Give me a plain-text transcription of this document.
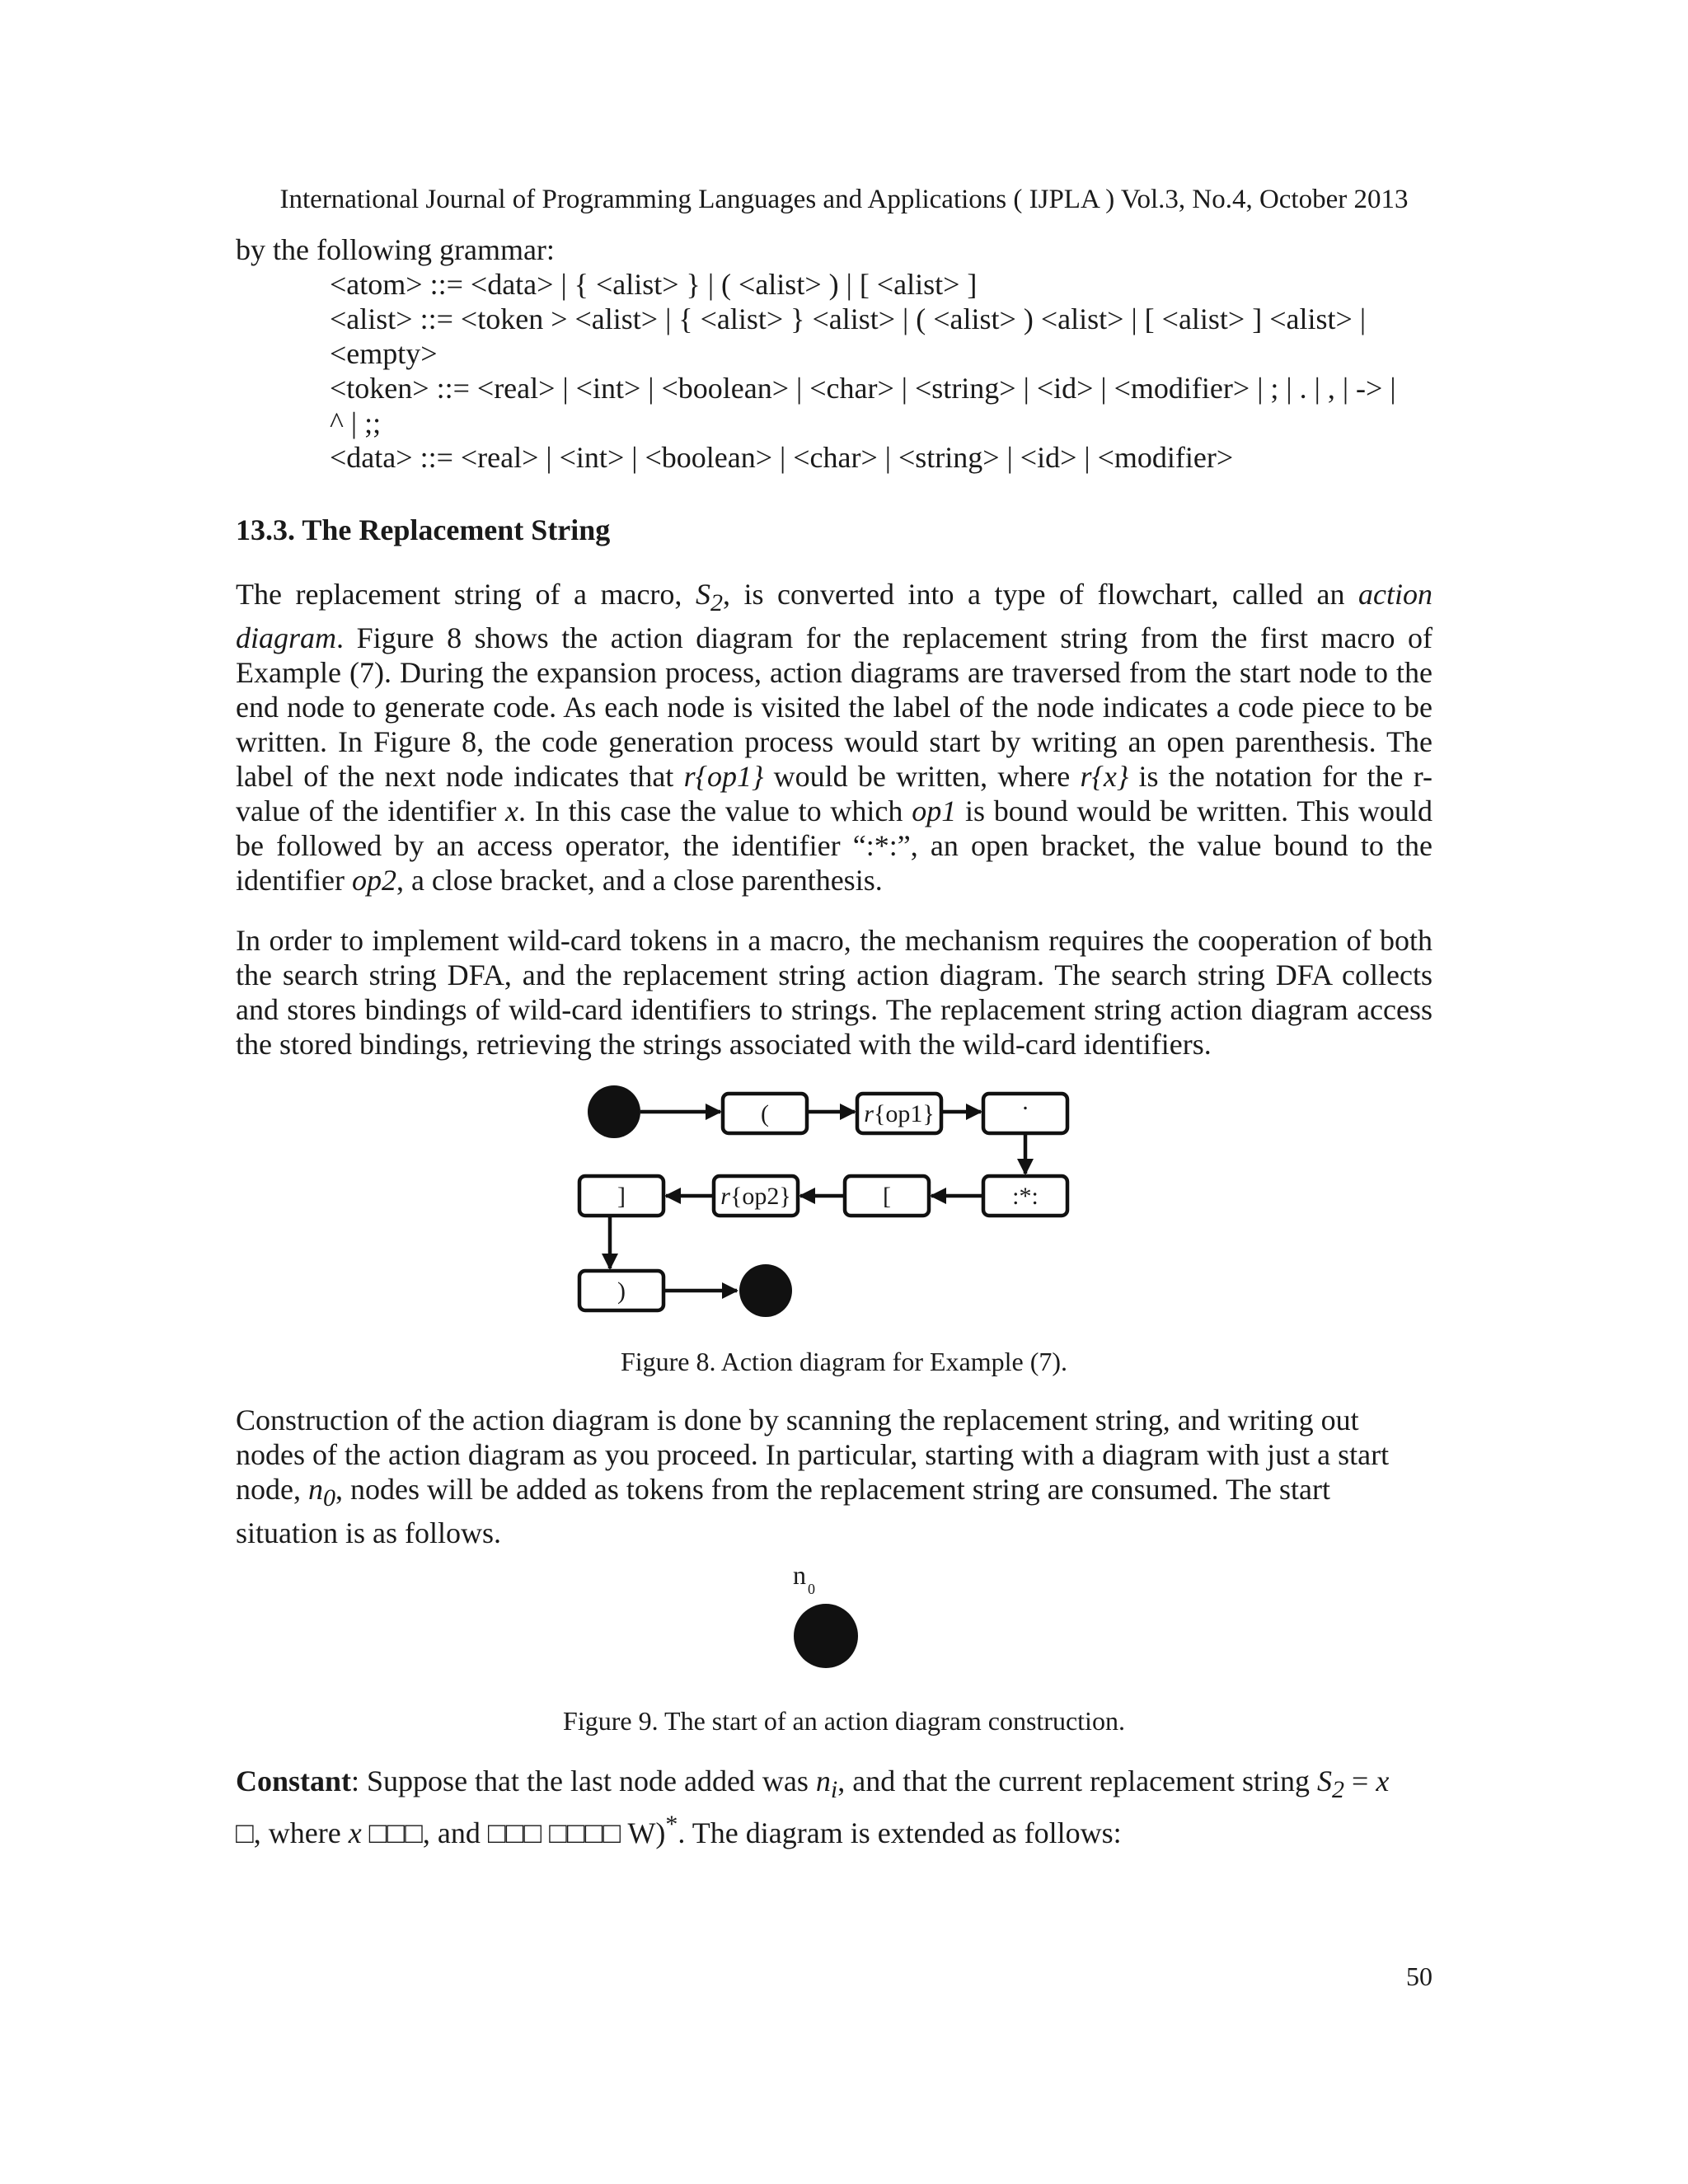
International Journal of Programming Languages and Applications ( IJPLA ) Vol.3, No.4, October 2013
by the following grammar:
<atom> ::= <data> | { <alist> } | ( <alist> ) | [ <alist> ]
<alist> ::= <token > <alist> | { <alist> } <alist> | ( <alist> ) <alist> | [ <alist> ] <alist> |
<empty>
<token> ::= <real> | <int> | <boolean> | <char> | <string> | <id> | <modifier> | ; | . | , | -> |
^ | ;;
<data> ::= <real> | <int> | <boolean> | <char> | <string> | <id> | <modifier>
13.3. The Replacement String

The replacement string of a macro, $S_2$, is converted into a type of flowchart, called an action diagram. Figure 8 shows the action diagram for the replacement string from the first macro of Example (7). During the expansion process, action diagrams are traversed from the start node to the end node to generate code. As each node is visited the label of the node indicates a code piece to be written. In Figure 8, the code generation process would start by writing an open parenthesis. The label of the next node indicates that r{op1} would be written, where r{x} is the notation for the r-value of the identifier x. In this case the value to which op1 is bound would be written. This would be followed by an access operator, the identifier “:*:”, an open bracket, the value bound to the identifier op2, a close bracket, and a close parenthesis.

In order to implement wild-card tokens in a macro, the mechanism requires the cooperation of both the search string DFA, and the replacement string action diagram. The search string DFA collects and stores bindings of wild-card identifiers to strings. The replacement string action diagram access the stored bindings, retrieving the strings associated with the wild-card identifiers.

(	r{op1}	.
:*:
[
r{op2}
]
)
n $_0$
Figure 8. Action diagram for Example (7).

Construction of the action diagram is done by scanning the replacement string, and writing out nodes of the action diagram as you proceed. In particular, starting with a diagram with just a start node, $n_0$, nodes will be added as tokens from the replacement string are consumed. The start situation is as follows.

Figure 9. The start of an action diagram construction.

Constant: Suppose that the last node added was $n_i$, and that the current replacement string $S_2 = x$
□, where x □□□, and □□□ □□□□ W)*. The diagram is extended as follows:

50
